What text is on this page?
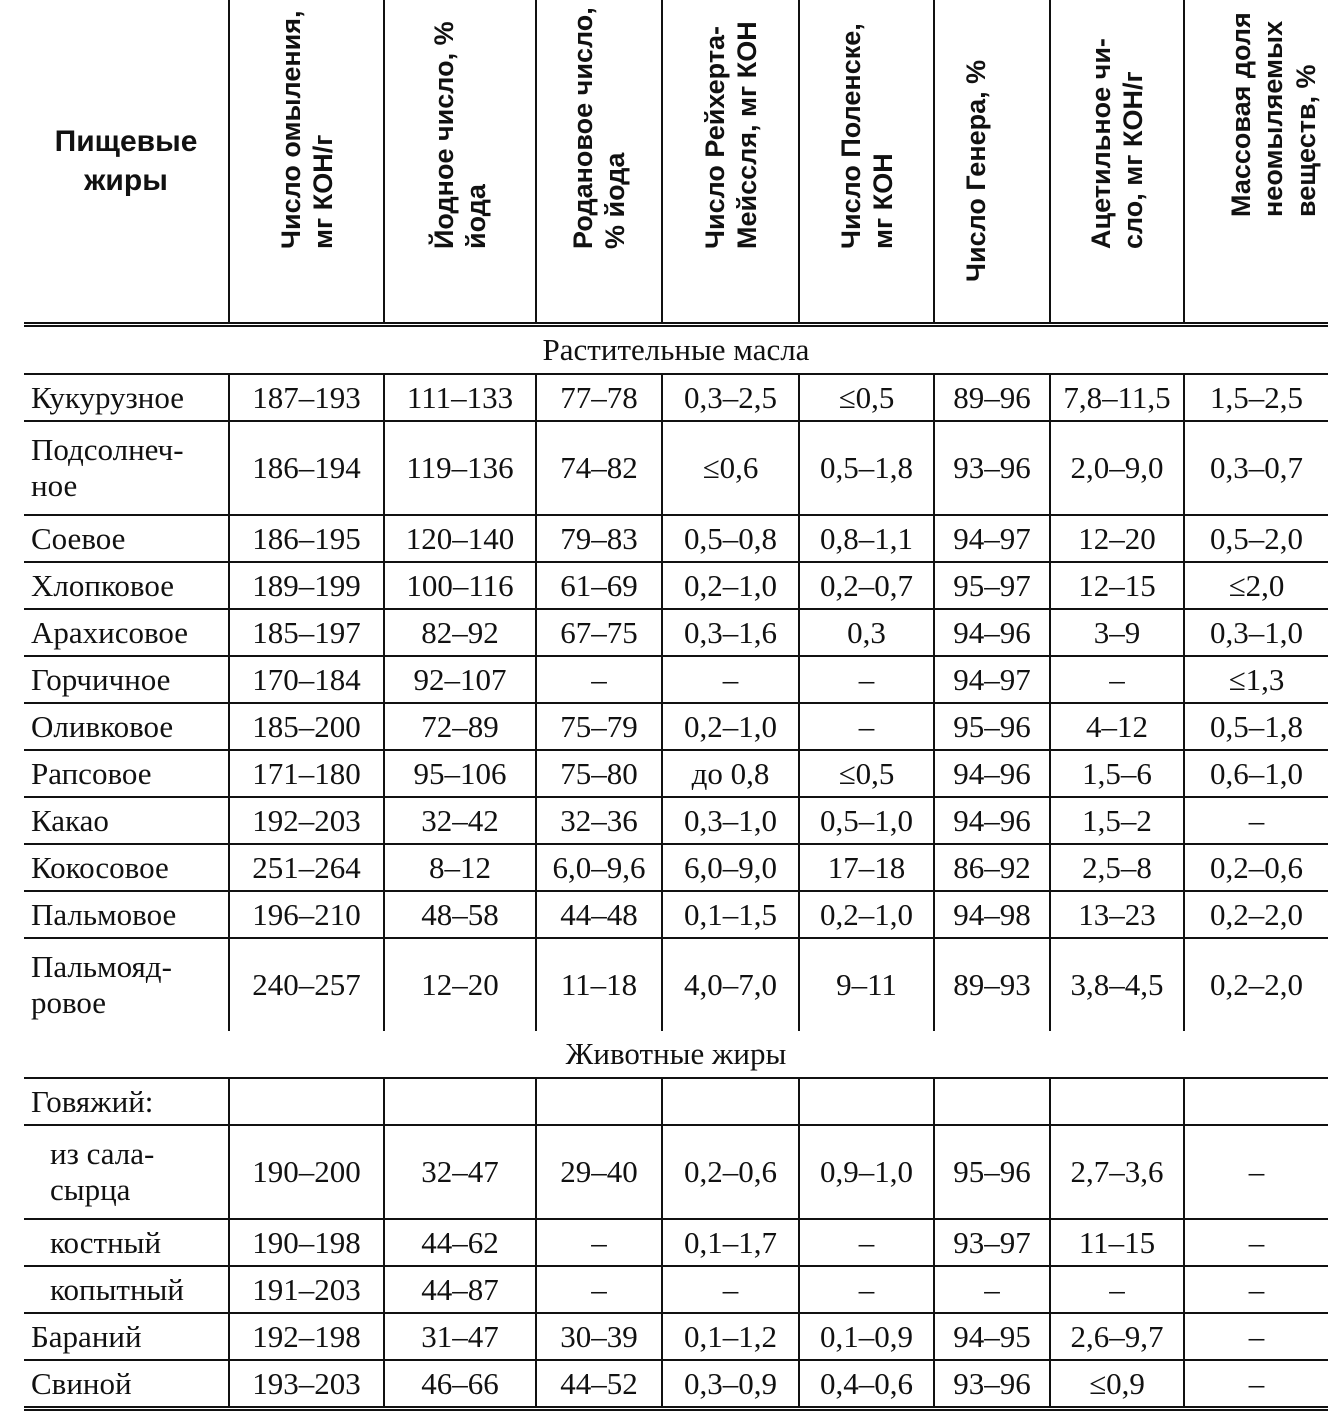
Пищевые
жиры	Число омыления, мг КОН/г	Йодное число, % йода	Родановое число, % йода	Число Рейхерта- Мейссля, мг КОН	Число Поленске, мг КОН	Число Генера, %	Ацетильное чи- сло, мг КОН/г	Массовая доля неомыляемых веществ, %

Растительные масла								
Кукурузное	187–193	111–133	77–78	0,3–2,5	≤0,5	89–96	7,8–11,5	1,5–2,5
Подсолнеч-
ное	186–194	119–136	74–82	≤0,6	0,5–1,8	93–96	2,0–9,0	0,3–0,7
Соевое	186–195	120–140	79–83	0,5–0,8	0,8–1,1	94–97	12–20	0,5–2,0
Хлопковое	189–199	100–116	61–69	0,2–1,0	0,2–0,7	95–97	12–15	≤2,0
Арахисовое	185–197	82–92	67–75	0,3–1,6	0,3	94–96	3–9	0,3–1,0
Горчичное	170–184	92–107	–	–	–	94–97	–	≤1,3
Оливковое	185–200	72–89	75–79	0,2–1,0	–	95–96	4–12	0,5–1,8
Рапсовое	171–180	95–106	75–80	до 0,8	≤0,5	94–96	1,5–6	0,6–1,0
Какао	192–203	32–42	32–36	0,3–1,0	0,5–1,0	94–96	1,5–2	–
Кокосовое	251–264	8–12	6,0–9,6	6,0–9,0	17–18	86–92	2,5–8	0,2–0,6
Пальмовое	196–210	48–58	44–48	0,1–1,5	0,2–1,0	94–98	13–23	0,2–2,0
Пальмояд-
ровое	240–257	12–20	11–18	4,0–7,0	9–11	89–93	3,8–4,5	0,2–2,0
Животные жиры								
Говяжий:								
из сала-
сырца	190–200	32–47	29–40	0,2–0,6	0,9–1,0	95–96	2,7–3,6	–
костный	190–198	44–62	–	0,1–1,7	–	93–97	11–15	–
копытный	191–203	44–87	–	–	–	–	–	–
Бараний	192–198	31–47	30–39	0,1–1,2	0,1–0,9	94–95	2,6–9,7	–
Свиной	193–203	46–66	44–52	0,3–0,9	0,4–0,6	93–96	≤0,9	–
